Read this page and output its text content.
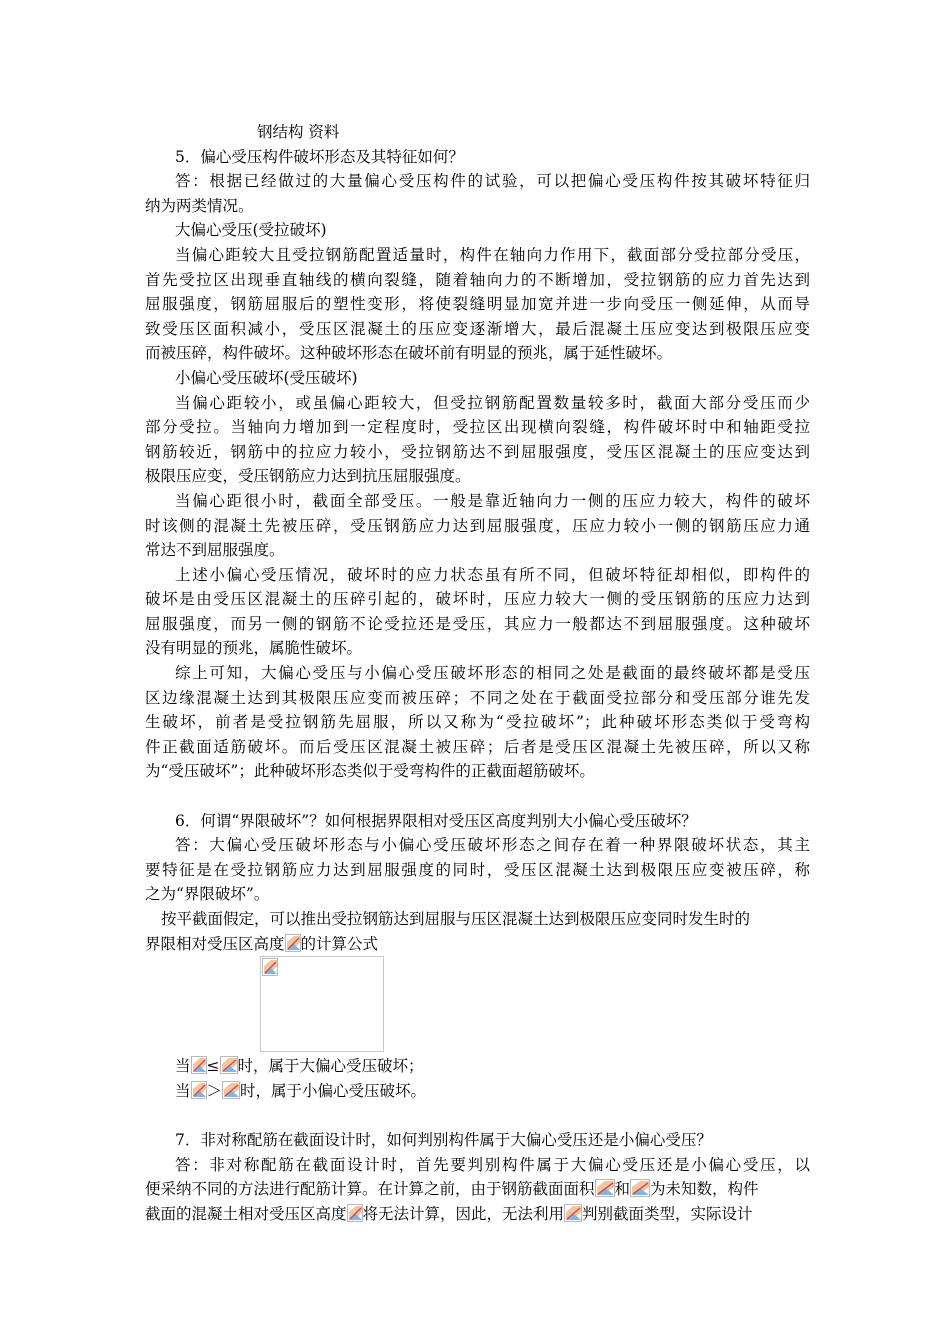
钢结构 资料
5．偏心受压构件破坏形态及其特征如何？
答：根据已经做过的大量偏心受压构件的试验，可以把偏心受压构件按其破坏特征归
纳为两类情况。
大偏心受压(受拉破坏)
当偏心距较大且受拉钢筋配置适量时，构件在轴向力作用下，截面部分受拉部分受压，
首先受拉区出现垂直轴线的横向裂缝，随着轴向力的不断增加，受拉钢筋的应力首先达到
屈服强度，钢筋屈服后的塑性变形，将使裂缝明显加宽并进一步向受压一侧延伸，从而导
致受压区面积减小，受压区混凝土的压应变逐渐增大，最后混凝土压应变达到极限压应变
而被压碎，构件破坏。这种破坏形态在破坏前有明显的预兆，属于延性破坏。
小偏心受压破坏(受压破坏)
当偏心距较小，或虽偏心距较大，但受拉钢筋配置数量较多时，截面大部分受压而少
部分受拉。当轴向力增加到一定程度时，受拉区出现横向裂缝，构件破坏时中和轴距受拉
钢筋较近，钢筋中的拉应力较小，受拉钢筋达不到屈服强度，受压区混凝土的压应变达到
极限压应变，受压钢筋应力达到抗压屈服强度。
当偏心距很小时，截面全部受压。一般是靠近轴向力一侧的压应力较大，构件的破坏
时该侧的混凝土先被压碎，受压钢筋应力达到屈服强度，压应力较小一侧的钢筋压应力通
常达不到屈服强度。
上述小偏心受压情况，破坏时的应力状态虽有所不同，但破坏特征却相似，即构件的
破坏是由受压区混凝土的压碎引起的，破坏时，压应力较大一侧的受压钢筋的压应力达到
屈服强度，而另一侧的钢筋不论受拉还是受压，其应力一般都达不到屈服强度。这种破坏
没有明显的预兆，属脆性破坏。
综上可知，大偏心受压与小偏心受压破坏形态的相同之处是截面的最终破坏都是受压
区边缘混凝土达到其极限压应变而被压碎；不同之处在于截面受拉部分和受压部分谁先发
生破坏，前者是受拉钢筋先屈服，所以又称为“受拉破坏”；此种破坏形态类似于受弯构
件正截面适筋破坏。而后受压区混凝土被压碎；后者是受压区混凝土先被压碎，所以又称
为“受压破坏”；此种破坏形态类似于受弯构件的正截面超筋破坏。
6．何谓“界限破坏”？如何根据界限相对受压区高度判别大小偏心受压破坏？
答：大偏心受压破坏形态与小偏心受压破坏形态之间存在着一种界限破坏状态，其主
要特征是在受拉钢筋应力达到屈服强度的同时，受压区混凝土达到极限压应变被压碎，称
之为“界限破坏”。
按平截面假定，可以推出受拉钢筋达到屈服与压区混凝土达到极限压应变同时发生时的
界限相对受压区高度 的计算公式
当 ≤ 时，属于大偏心受压破坏；
当 ＞ 时，属于小偏心受压破坏。
7．非对称配筋在截面设计时，如何判别构件属于大偏心受压还是小偏心受压？
答：非对称配筋在截面设计时，首先要判别构件属于大偏心受压还是小偏心受压，以
便采纳不同的方法进行配筋计算。在计算之前，由于钢筋截面面积 和 为未知数，构件
截面的混凝土相对受压区高度 将无法计算，因此，无法利用 判别截面类型，实际设计
